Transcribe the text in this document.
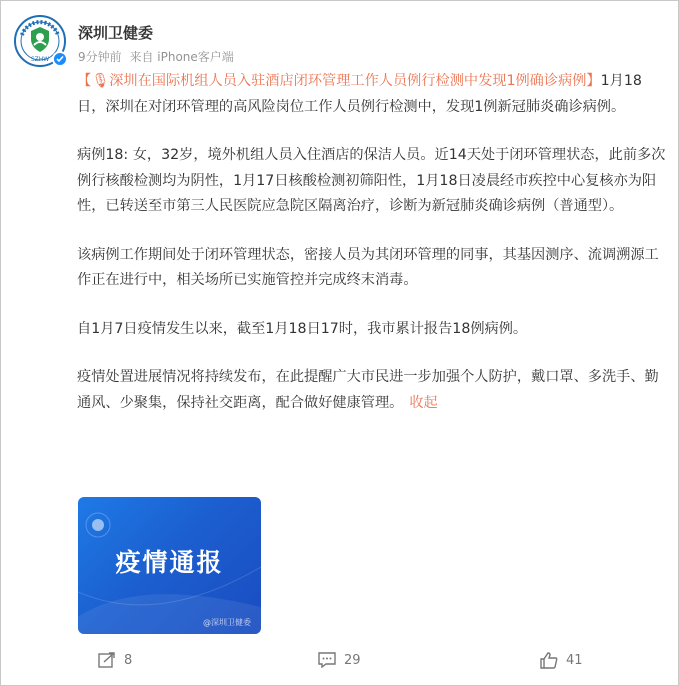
SZHW
深圳卫健委
9分钟前 来自 iPhone客户端

【🎙深圳在国际机组人员入驻酒店闭环管理工作人员例行检测中发现1例确诊病例】1月18日，深圳在对闭环管理的高风险岗位工作人员例行检测中，发现1例新冠肺炎确诊病例。

病例18: 女，32岁，境外机组人员入住酒店的保洁人员。近14天处于闭环管理状态，此前多次例行核酸检测均为阴性，1月17日核酸检测初筛阳性，1月18日凌晨经市疾控中心复核亦为阳性，已转送至市第三人民医院应急院区隔离治疗，诊断为新冠肺炎确诊病例（普通型）。

该病例工作期间处于闭环管理状态，密接人员为其闭环管理的同事，其基因测序、流调溯源工作正在进行中，相关场所已实施管控并完成终末消毒。

自1月7日疫情发生以来，截至1月18日17时，我市累计报告18例病例。

疫情处置进展情况将持续发布，在此提醒广大市民进一步加强个人防护，戴口罩、多洗手、勤通风、少聚集，保持社交距离，配合做好健康管理。 收起

疫情通报
@深圳卫健委
8	29	41
